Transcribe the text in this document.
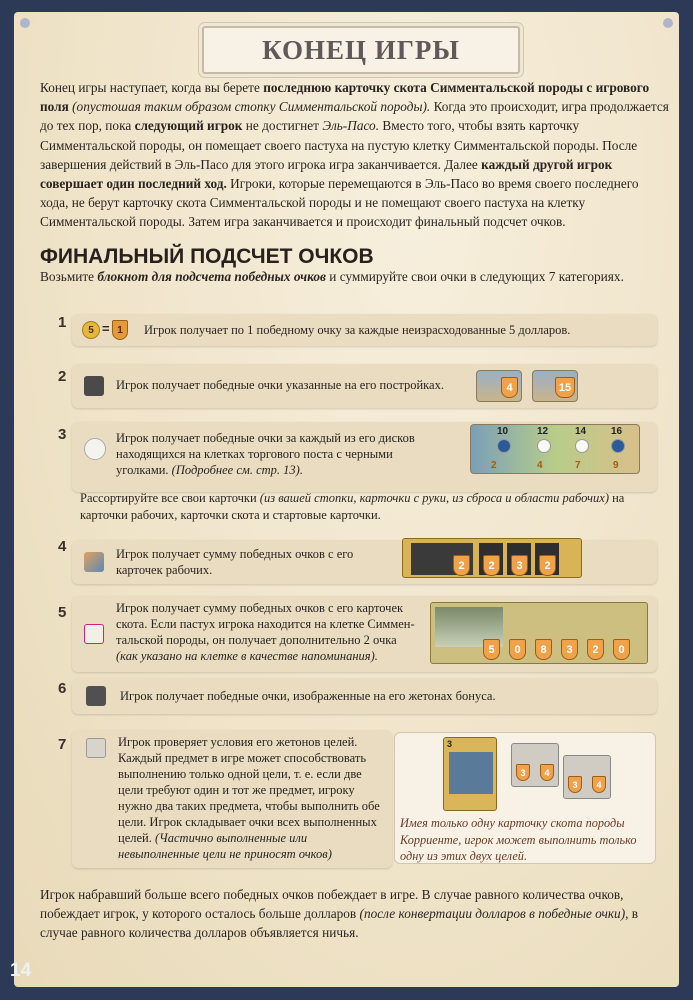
КОНЕЦ ИГРЫ

Конец игры наступает, когда вы берете последнюю карточку скота Симментальской породы с игрового поля (опустошая таким образом стопку Симментальской породы). Когда это происходит, игра продолжается до тех пор, пока следующий игрок не достигнет Эль-Пасо. Вместо того, чтобы взять карточку Симментальской породы, он помещает своего пастуха на пустую клетку Симментальской породы. После завершения действий в Эль-Пасо для этого игрока игра заканчивается. Далее каждый другой игрок совершает один последний ход. Игроки, которые перемещаются в Эль-Пасо во время своего последнего хода, не берут карточку скота Симментальской породы и не помещают своего пастуха на клетку Симментальской породы. Затем игра заканчивается и происходит финальный подсчет очков.

ФИНАЛЬНЫЙ ПОДСЧЕТ ОЧКОВ

Возьмите блокнот для подсчета победных очков и суммируйте свои очки в следующих 7 категориях.

1	5 = 1	Игрок получает по 1 победному очку за каждые неизрасходованные 5 долларов.
2	Игрок получает победные очки указанные на его постройках.	4	15
3	Игрок получает победные очки за каждый из его дисков находящихся на клетках торгового поста с черными уголками. (Подробнее см. стр. 13).
10	12	14 16
2	4	7	9

Рассортируйте все свои карточки (из вашей стопки, карточки с руки, из сброса и области рабочих) на карточки рабочих, карточки скота и стартовые карточки.

4	Игрок получает сумму победных очков с его карточек рабочих.	2	2	3	2
5	Игрок получает сумму победных очков с его карточек скота. Если пастух игрока находится на клетке Симмен-тальской породы, он получает дополнительно 2 очка (как указано на клетке в качестве напоминания).	5	0	8	3	2	0
6	Игрок получает победные очки, изображенные на его жетонах бонуса.
7	Игрок проверяет условия его жетонов целей. Каждый предмет в игре может способствовать выполнению только одной цели, т. е. если две цели требуют один и тот же предмет, игроку нужно два таких предмета, чтобы выполнить обе цели. Игрок складывает очки всех выполненных целей. (Частично выполненные или невыполненные цели не приносят очков)
3
3	4
3	4

Имея только одну карточку скота породы Корриенте, игрок может выполнить только одну из этих двух целей.

Игрок набравший больше всего победных очков побеждает в игре. В случае равного количества очков, побеждает игрок, у которого осталось больше долларов (после конвертации долларов в победные очки), в случае равного количества долларов объявляется ничья.

14
